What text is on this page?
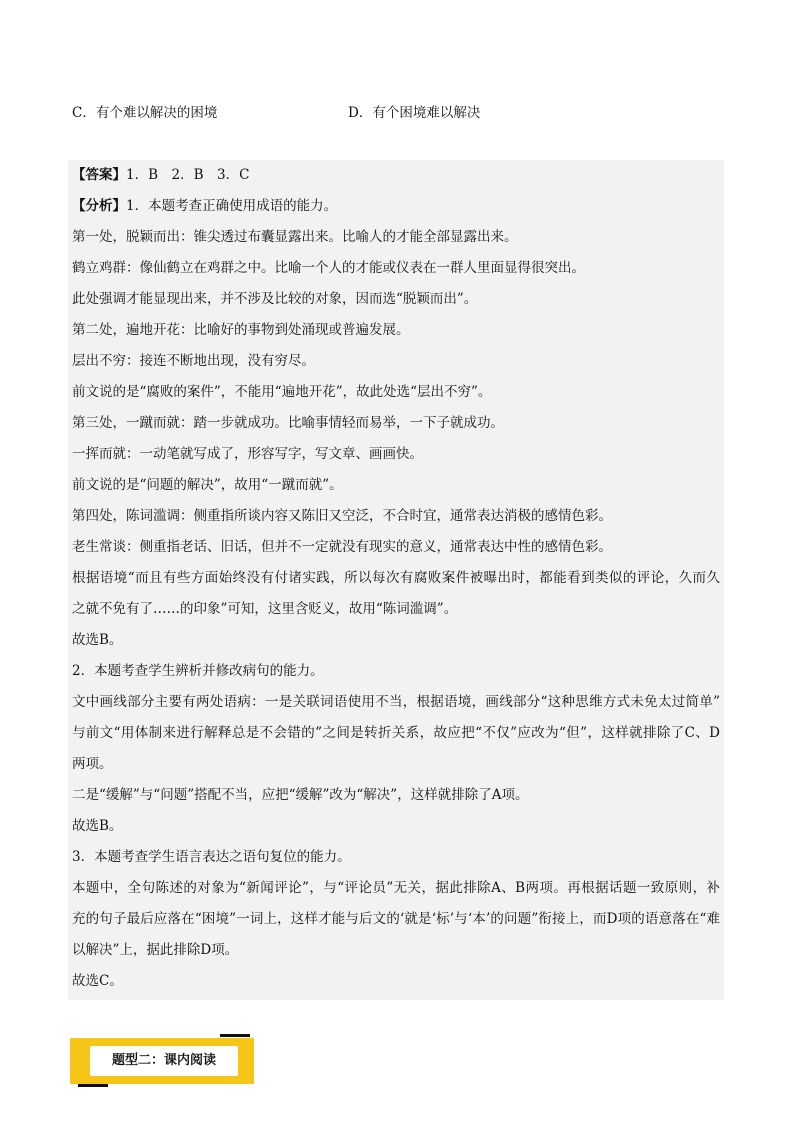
C．有个难以解决的困境	D．有个困境难以解决
【答案】1．B　2．B　3．C
【分析】1．本题考查正确使用成语的能力。
第一处，脱颖而出：锥尖透过布囊显露出来。比喻人的才能全部显露出来。
鹤立鸡群：像仙鹤立在鸡群之中。比喻一个人的才能或仪表在一群人里面显得很突出。
此处强调才能显现出来，并不涉及比较的对象，因而选“脱颖而出”。
第二处，遍地开花：比喻好的事物到处涌现或普遍发展。
层出不穷：接连不断地出现，没有穷尽。
前文说的是“腐败的案件”，不能用“遍地开花”，故此处选“层出不穷”。
第三处，一蹴而就：踏一步就成功。比喻事情轻而易举，一下子就成功。
一挥而就：一动笔就写成了，形容写字，写文章、画画快。
前文说的是“问题的解决”，故用“一蹴而就”。
第四处，陈词滥调：侧重指所谈内容又陈旧又空泛，不合时宜，通常表达消极的感情色彩。
老生常谈：侧重指老话、旧话，但并不一定就没有现实的意义，通常表达中性的感情色彩。
根据语境“而且有些方面始终没有付诸实践，所以每次有腐败案件被曝出时，都能看到类似的评论，久而久
之就不免有了……的印象”可知，这里含贬义，故用“陈词滥调”。
故选B。
2．本题考查学生辨析并修改病句的能力。
文中画线部分主要有两处语病：一是关联词语使用不当，根据语境，画线部分“这种思维方式未免太过简单”
与前文“用体制来进行解释总是不会错的”之间是转折关系，故应把“不仅”应改为“但”，这样就排除了C、D
两项。
二是“缓解”与“问题”搭配不当，应把“缓解”改为“解决”，这样就排除了A项。
故选B。
3．本题考查学生语言表达之语句复位的能力。
本题中，全句陈述的对象为“新闻评论”，与“评论员”无关，据此排除A、B两项。再根据话题一致原则，补
充的句子最后应落在“困境”一词上，这样才能与后文的‘就是‘标’与‘本’的问题”衔接上，而D项的语意落在“难
以解决”上，据此排除D项。
故选C。
题型二：课内阅读
